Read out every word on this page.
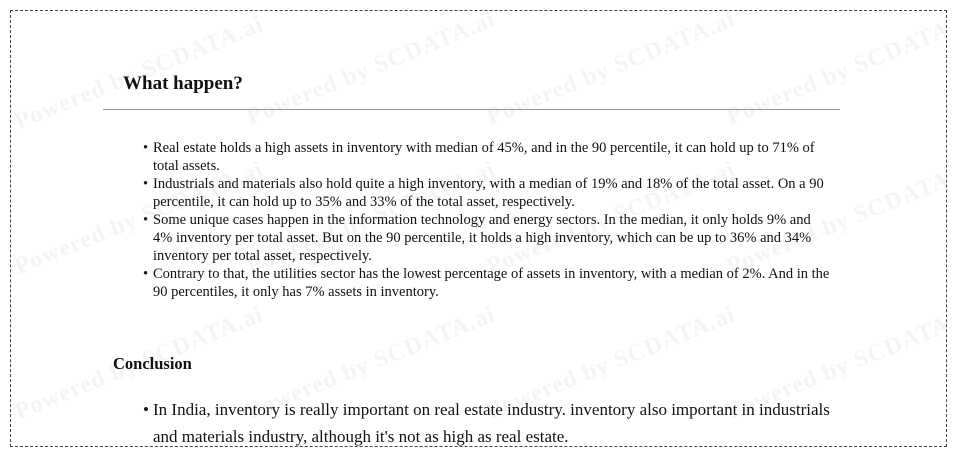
What happen?
• Real estate holds a high assets in inventory with median of 45%, and in the 90 percentile, it can hold up to 71% of total assets.
• Industrials and materials also hold quite a high inventory, with a median of 19% and 18% of the total asset. On a 90 percentile, it can hold up to 35% and 33% of the total asset, respectively.
• Some unique cases happen in the information technology and energy sectors. In the median, it only holds 9% and 4% inventory per total asset. But on the 90 percentile, it holds a high inventory, which can be up to 36% and 34% inventory per total asset, respectively.
• Contrary to that, the utilities sector has the lowest percentage of assets in inventory, with a median of 2%. And in the 90 percentiles, it only has 7% assets in inventory.
Conclusion
• In India, inventory is really important on real estate industry. inventory also important in industrials and materials industry, although it's not as high as real estate.
